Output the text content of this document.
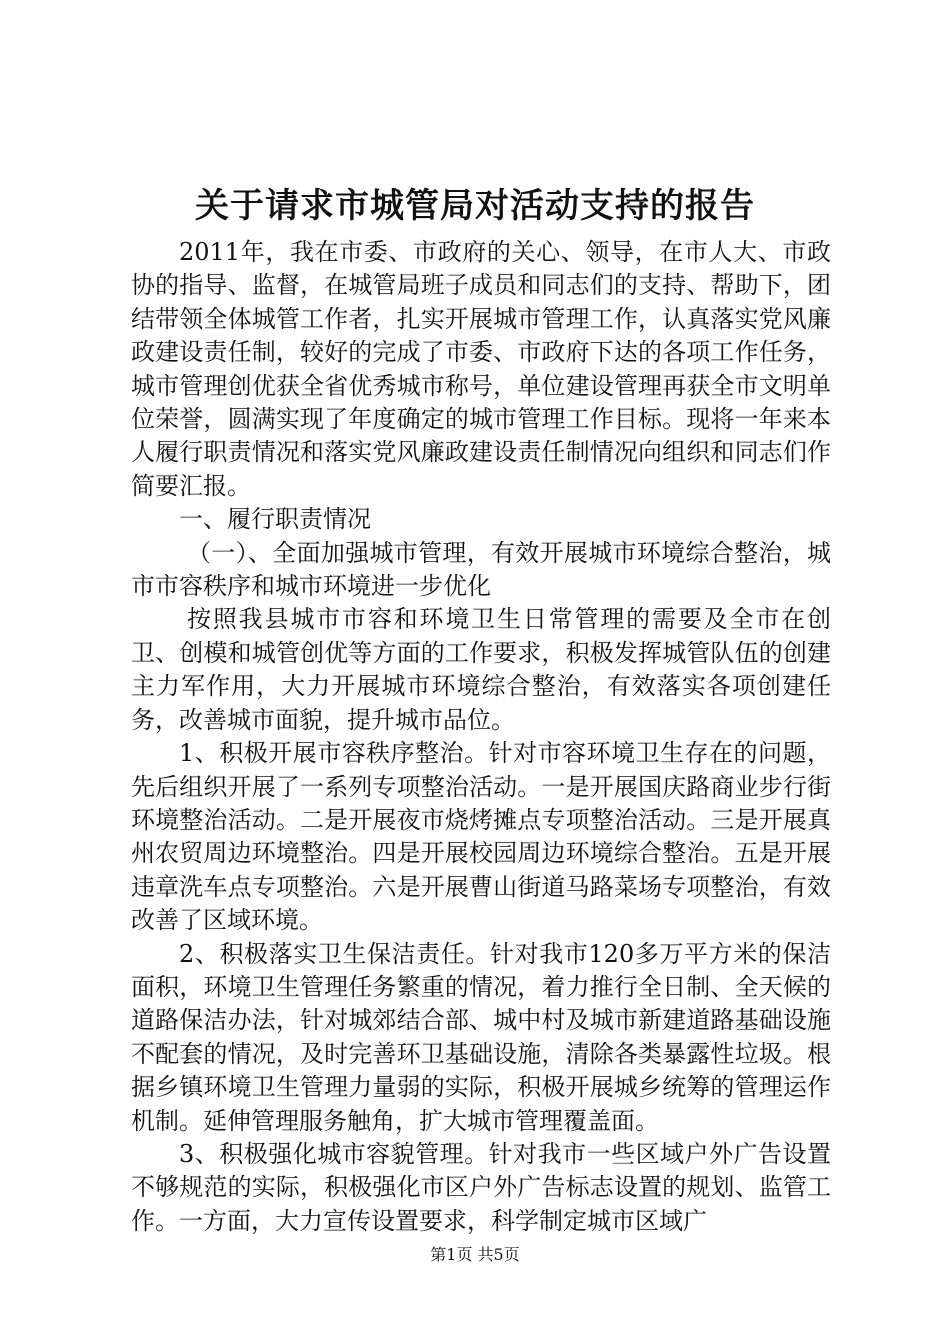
关于请求市城管局对活动支持的报告

2011年，我在市委、市政府的关心、领导，在市人大、市政协的指导、监督，在城管局班子成员和同志们的支持、帮助下，团结带领全体城管工作者，扎实开展城市管理工作，认真落实党风廉政建设责任制，较好的完成了市委、市政府下达的各项工作任务，城市管理创优获全省优秀城市称号，单位建设管理再获全市文明单位荣誉，圆满实现了年度确定的城市管理工作目标。现将一年来本人履行职责情况和落实党风廉政建设责任制情况向组织和同志们作简要汇报。

一、履行职责情况

（一）、全面加强城市管理，有效开展城市环境综合整治，城市市容秩序和城市环境进一步优化

按照我县城市市容和环境卫生日常管理的需要及全市在创卫、创模和城管创优等方面的工作要求，积极发挥城管队伍的创建主力军作用，大力开展城市环境综合整治，有效落实各项创建任务，改善城市面貌，提升城市品位。

1、积极开展市容秩序整治。针对市容环境卫生存在的问题，先后组织开展了一系列专项整治活动。一是开展国庆路商业步行街环境整治活动。二是开展夜市烧烤摊点专项整治活动。三是开展真州农贸周边环境整治。四是开展校园周边环境综合整治。五是开展违章洗车点专项整治。六是开展曹山街道马路菜场专项整治，有效改善了区域环境。

2、积极落实卫生保洁责任。针对我市120多万平方米的保洁面积，环境卫生管理任务繁重的情况，着力推行全日制、全天候的道路保洁办法，针对城郊结合部、城中村及城市新建道路基础设施不配套的情况，及时完善环卫基础设施，清除各类暴露性垃圾。根据乡镇环境卫生管理力量弱的实际，积极开展城乡统筹的管理运作机制。延伸管理服务触角，扩大城市管理覆盖面。

3、积极强化城市容貌管理。针对我市一些区域户外广告设置不够规范的实际，积极强化市区户外广告标志设置的规划、监管工作。一方面，大力宣传设置要求，科学制定城市区域广

第1页 共5页
